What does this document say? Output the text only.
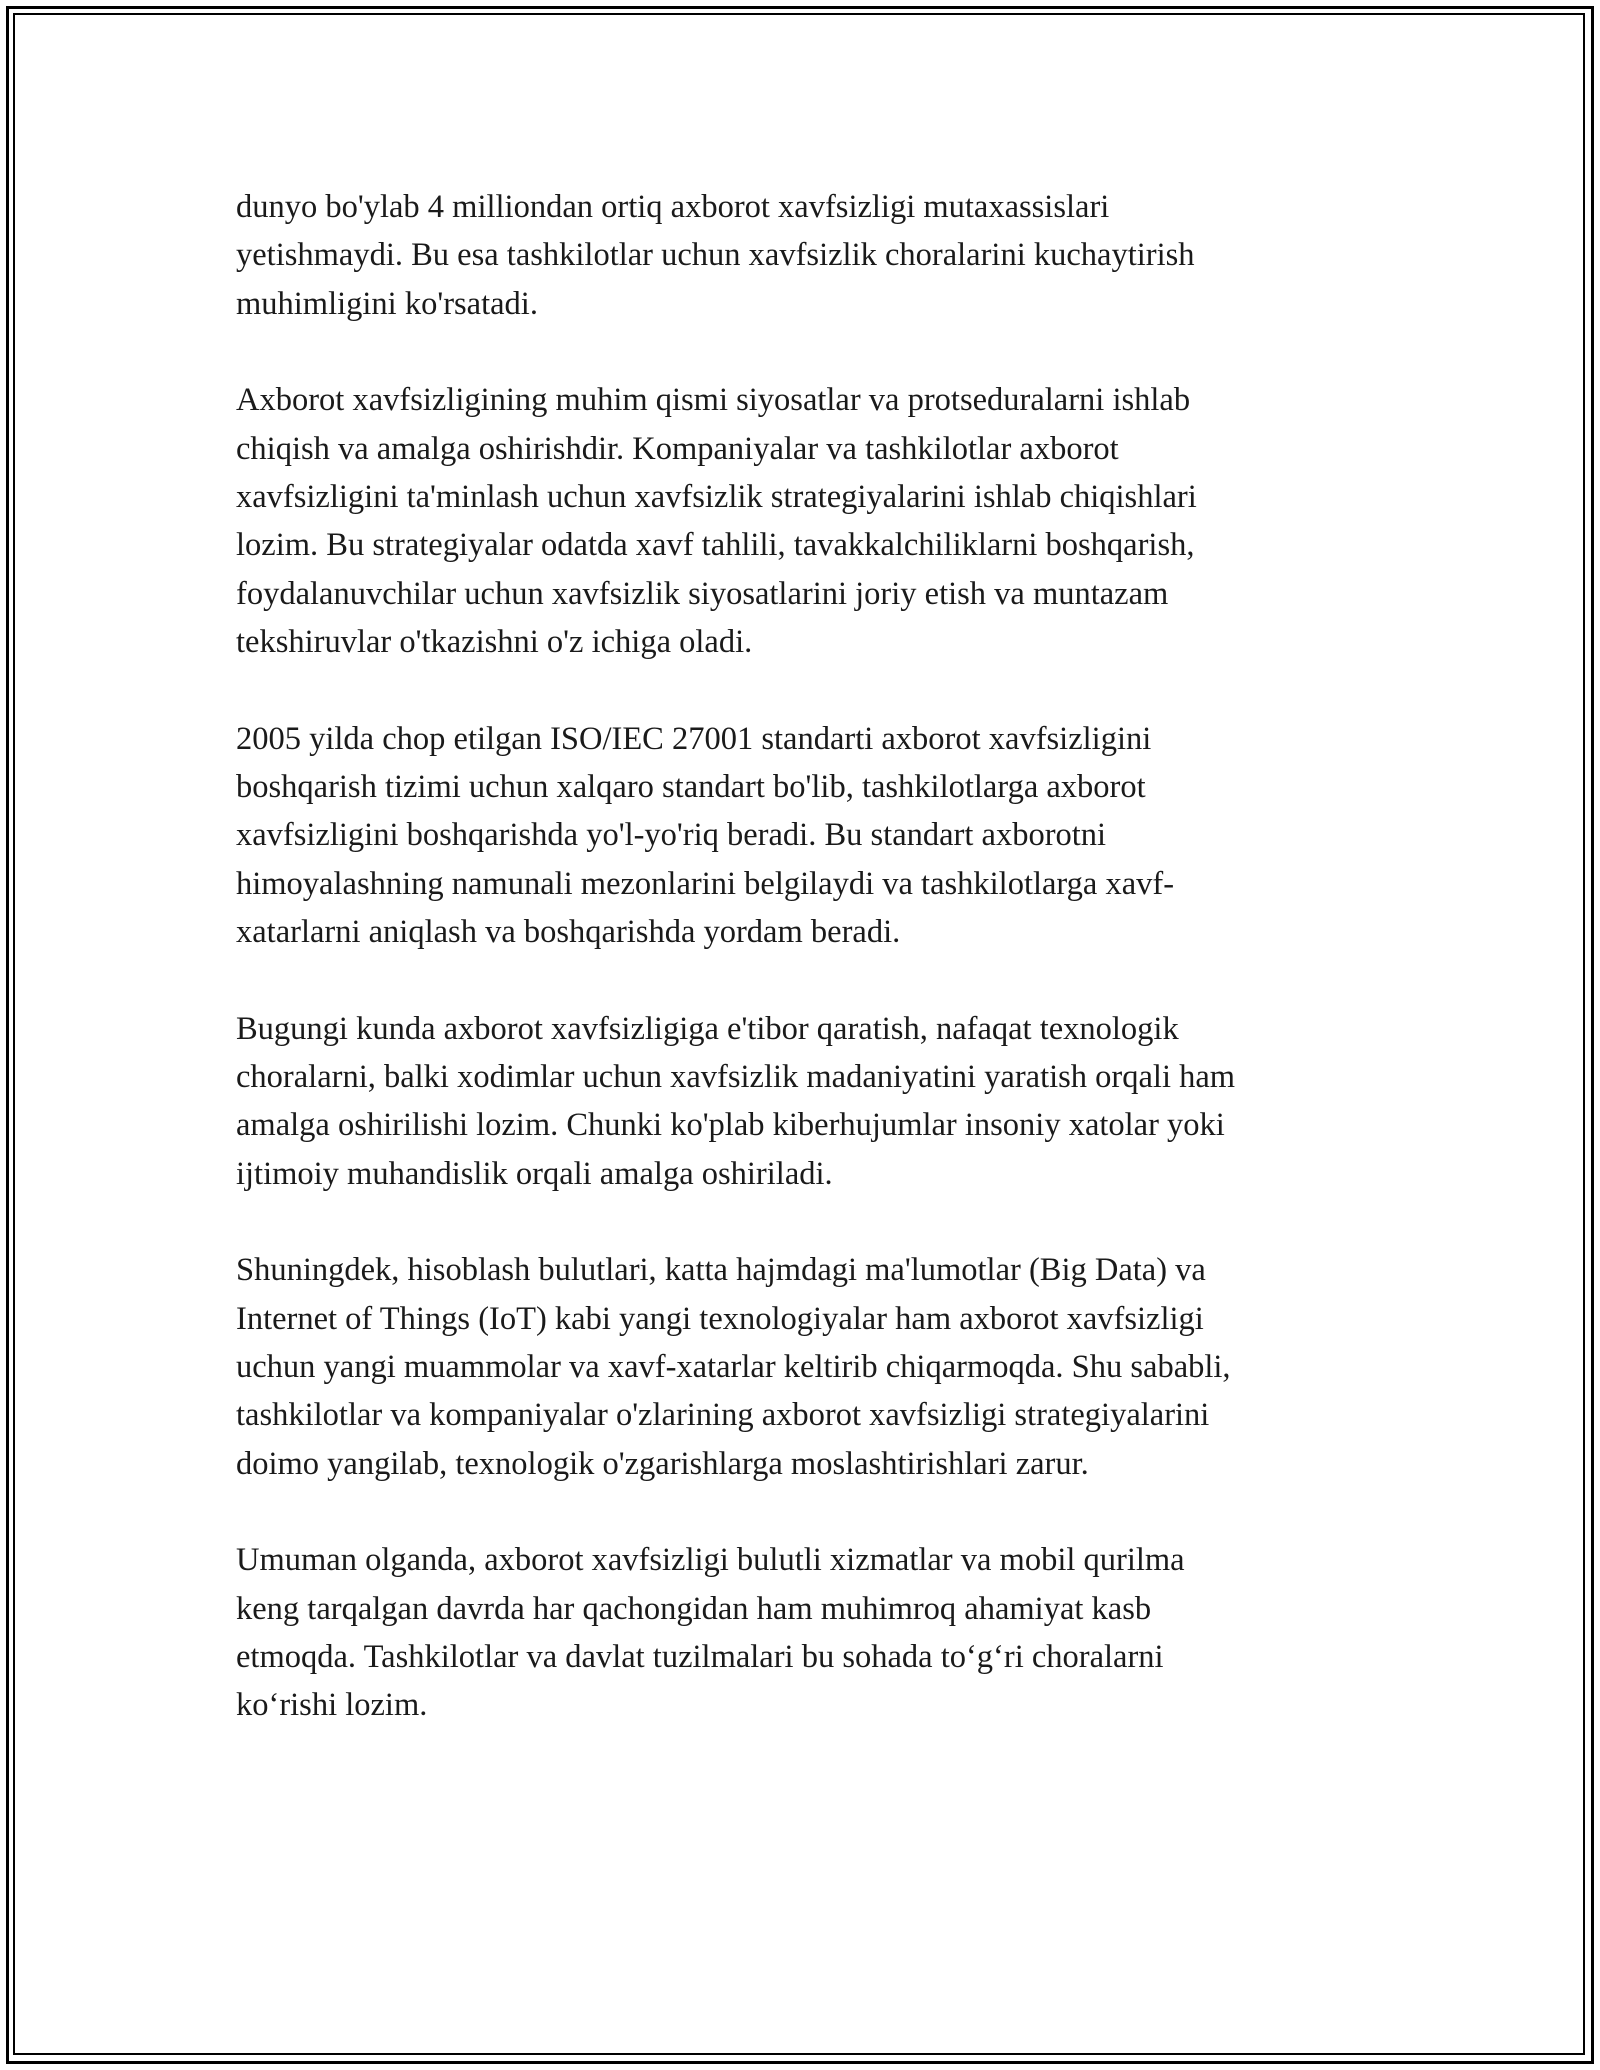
dunyo bo'ylab 4 milliondan ortiq axborot xavfsizligi mutaxassislari
yetishmaydi. Bu esa tashkilotlar uchun xavfsizlik choralarini kuchaytirish
muhimligini ko'rsatadi.

Axborot xavfsizligining muhim qismi siyosatlar va protseduralarni ishlab
chiqish va amalga oshirishdir. Kompaniyalar va tashkilotlar axborot
xavfsizligini ta'minlash uchun xavfsizlik strategiyalarini ishlab chiqishlari
lozim. Bu strategiyalar odatda xavf tahlili, tavakkalchiliklarni boshqarish,
foydalanuvchilar uchun xavfsizlik siyosatlarini joriy etish va muntazam
tekshiruvlar o'tkazishni o'z ichiga oladi.

2005 yilda chop etilgan ISO/IEC 27001 standarti axborot xavfsizligini
boshqarish tizimi uchun xalqaro standart bo'lib, tashkilotlarga axborot
xavfsizligini boshqarishda yo'l-yo'riq beradi. Bu standart axborotni
himoyalashning namunali mezonlarini belgilaydi va tashkilotlarga xavf-
xatarlarni aniqlash va boshqarishda yordam beradi.

Bugungi kunda axborot xavfsizligiga e'tibor qaratish, nafaqat texnologik
choralarni, balki xodimlar uchun xavfsizlik madaniyatini yaratish orqali ham
amalga oshirilishi lozim. Chunki ko'plab kiberhujumlar insoniy xatolar yoki
ijtimoiy muhandislik orqali amalga oshiriladi.

Shuningdek, hisoblash bulutlari, katta hajmdagi ma'lumotlar (Big Data) va
Internet of Things (IoT) kabi yangi texnologiyalar ham axborot xavfsizligi
uchun yangi muammolar va xavf-xatarlar keltirib chiqarmoqda. Shu sababli,
tashkilotlar va kompaniyalar o'zlarining axborot xavfsizligi strategiyalarini
doimo yangilab, texnologik o'zgarishlarga moslashtirishlari zarur.

Umuman olganda, axborot xavfsizligi bulutli xizmatlar va mobil qurilma
keng tarqalgan davrda har qachongidan ham muhimroq ahamiyat kasb
etmoqda. Tashkilotlar va davlat tuzilmalari bu sohada to‘g‘ri choralarni
ko‘rishi lozim.
